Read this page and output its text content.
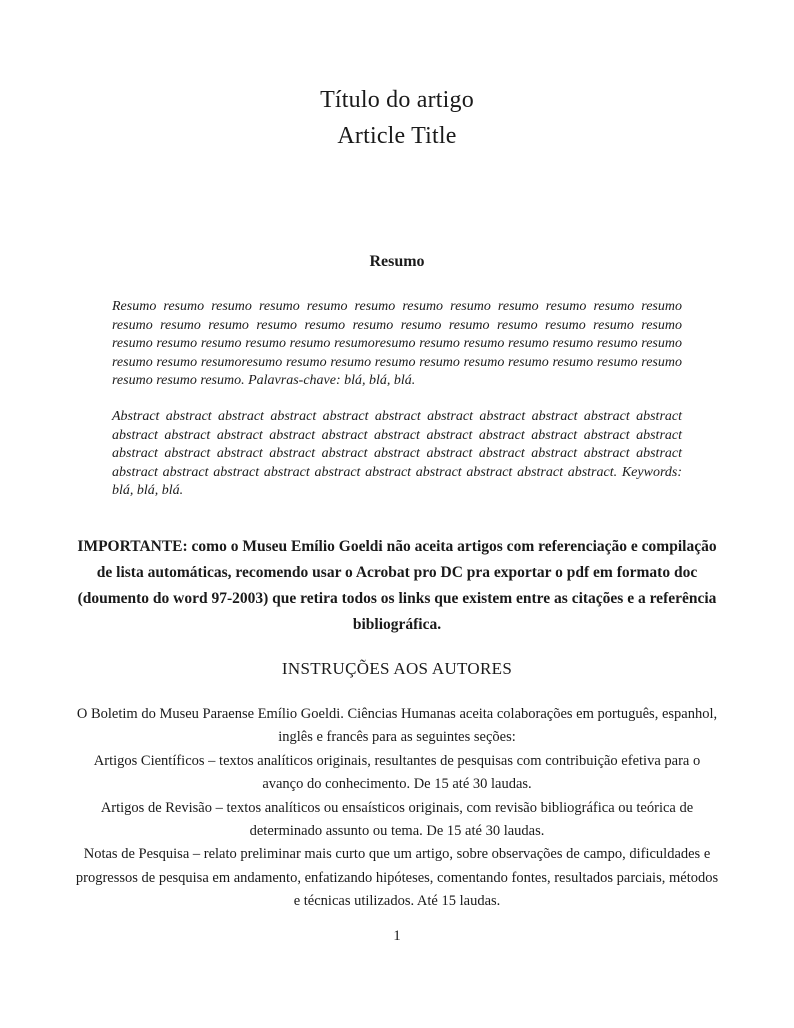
Título do artigo
Article Title
Resumo

Resumo resumo resumo resumo resumo resumo resumo resumo resumo resumo resumo resumo resumo resumo resumo resumo resumo resumo resumo resumo resumo resumo resumo resumo resumo resumo resumo resumo resumo resumoresumo resumo resumo resumo resumo resumo resumo resumo resumo resumoresumo resumo resumo resumo resumo resumo resumo resumo resumo resumo resumo resumo resumo. Palavras-chave: blá, blá, blá.

Abstract abstract abstract abstract abstract abstract abstract abstract abstract abstract abstract abstract abstract abstract abstract abstract abstract abstract abstract abstract abstract abstract abstract abstract abstract abstract abstract abstract abstract abstract abstract abstract abstract abstract abstract abstract abstract abstract abstract abstract abstract abstract abstract. Keywords: blá, blá, blá.

IMPORTANTE: como o Museu Emílio Goeldi não aceita artigos com referenciação e compilação de lista automáticas, recomendo usar o Acrobat pro DC pra exportar o pdf em formato doc (doumento do word 97-2003) que retira todos os links que existem entre as citações e a referência bibliográfica.

INSTRUÇÕES AOS AUTORES

O Boletim do Museu Paraense Emílio Goeldi. Ciências Humanas aceita colaborações em português, espanhol, inglês e francês para as seguintes seções:

Artigos Científicos – textos analíticos originais, resultantes de pesquisas com contribuição efetiva para o avanço do conhecimento. De 15 até 30 laudas.

Artigos de Revisão – textos analíticos ou ensaísticos originais, com revisão bibliográfica ou teórica de determinado assunto ou tema. De 15 até 30 laudas.

Notas de Pesquisa – relato preliminar mais curto que um artigo, sobre observações de campo, dificuldades e progressos de pesquisa em andamento, enfatizando hipóteses, comentando fontes, resultados parciais, métodos e técnicas utilizados. Até 15 laudas.

1
